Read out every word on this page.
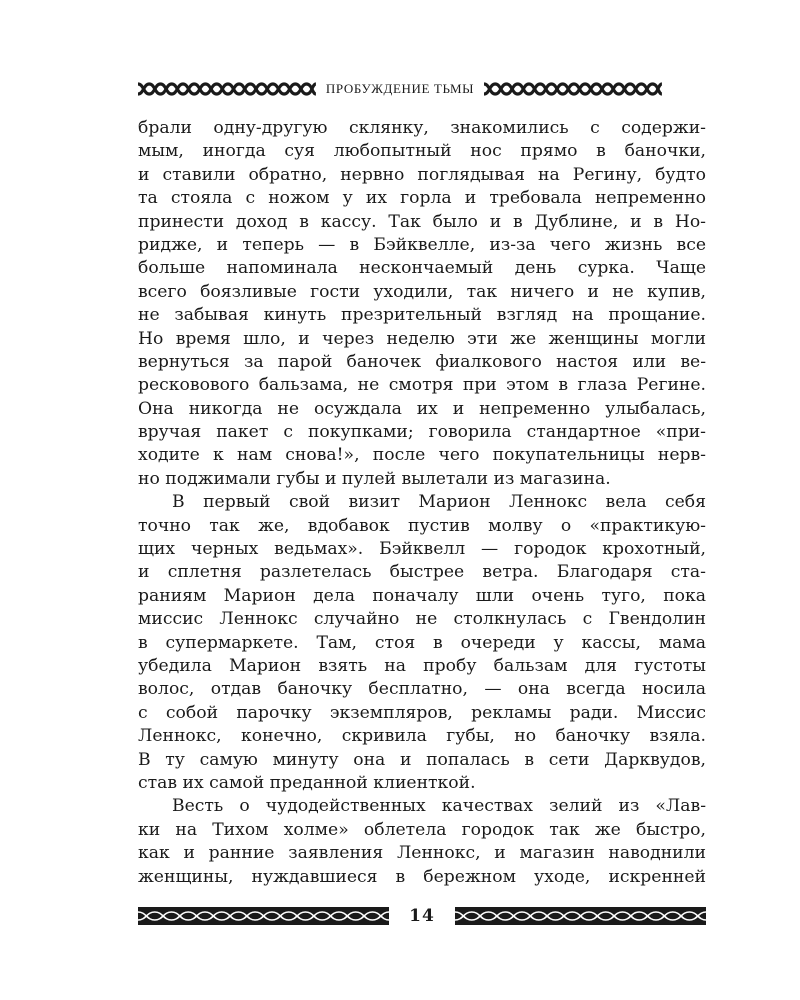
ПРОБУЖДЕНИЕ ТЬМЫ
брали одну-другую склянку, знакомились с содержи-
мым, иногда суя любопытный нос прямо в баночки,
и ставили обратно, нервно поглядывая на Регину, будто
та стояла с ножом у их горла и требовала непременно
принести доход в кассу. Так было и в Дублине, и в Но-
ридже, и теперь — в Бэйквелле, из-за чего жизнь все
больше напоминала нескончаемый день сурка. Чаще
всего боязливые гости уходили, так ничего и не купив,
не забывая кинуть презрительный взгляд на прощание.
Но время шло, и через неделю эти же женщины могли
вернуться за парой баночек фиалкового настоя или ве-
ресковового бальзама, не смотря при этом в глаза Регине.
Она никогда не осуждала их и непременно улыбалась,
вручая пакет с покупками; говорила стандартное «при-
ходите к нам снова!», после чего покупательницы нерв-
но поджимали губы и пулей вылетали из магазина.
В первый свой визит Марион Леннокс вела себя
точно так же, вдобавок пустив молву о «практикую-
щих черных ведьмах». Бэйквелл — городок крохотный,
и сплетня разлетелась быстрее ветра. Благодаря ста-
раниям Марион дела поначалу шли очень туго, пока
миссис Леннокс случайно не столкнулась с Гвендолин
в супермаркете. Там, стоя в очереди у кассы, мама
убедила Марион взять на пробу бальзам для густоты
волос, отдав баночку бесплатно, — она всегда носила
с собой парочку экземпляров, рекламы ради. Миссис
Леннокс, конечно, скривила губы, но баночку взяла.
В ту самую минуту она и попалась в сети Дарквудов,
став их самой преданной клиенткой.
Весть о чудодейственных качествах зелий из «Лав-
ки на Тихом холме» облетела городок так же быстро,
как и ранние заявления Леннокс, и магазин наводнили
женщины, нуждавшиеся в бережном уходе, искренней
14
